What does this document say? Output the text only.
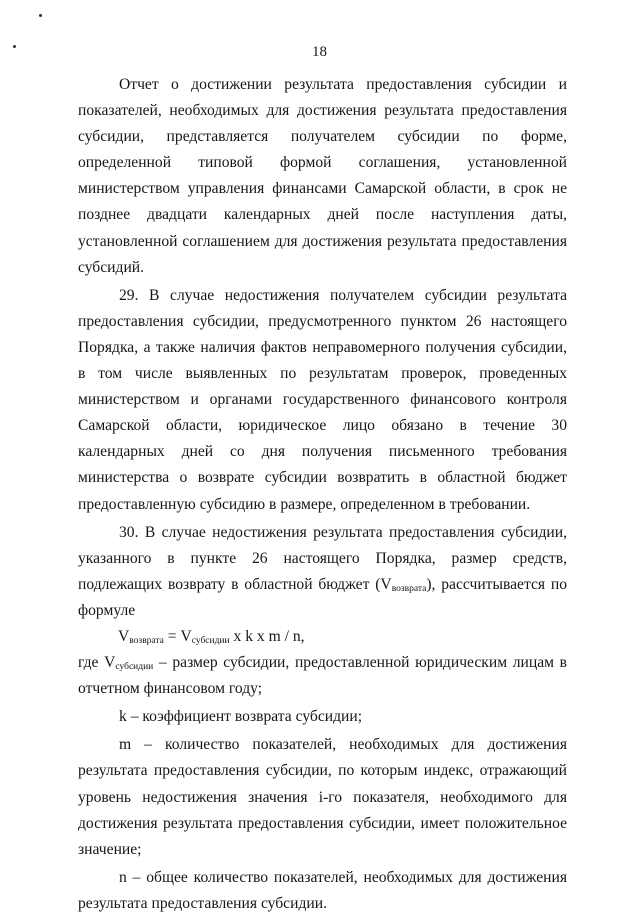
18

Отчет о достижении результата предоставления субсидии и показателей, необходимых для достижения результата предоставления субсидии, представляется получателем субсидии по форме, определенной типовой формой соглашения, установленной министерством управления финансами Самарской области, в срок не позднее двадцати календарных дней после наступления даты, установленной соглашением для достижения результата предоставления субсидий.

29. В случае недостижения получателем субсидии результата предоставления субсидии, предусмотренного пунктом 26 настоящего Порядка, а также наличия фактов неправомерного получения субсидии, в том числе выявленных по результатам проверок, проведенных министерством и органами государственного финансового контроля Самарской области, юридическое лицо обязано в течение 30 календарных дней со дня получения письменного требования министерства о возврате субсидии возвратить в областной бюджет предоставленную субсидию в размере, определенном в требовании.

30. В случае недостижения результата предоставления субсидии, указанного в пункте 26 настоящего Порядка, размер средств, подлежащих возврату в областной бюджет $(V_{возврата})$, рассчитывается по формуле

$V_{возврата} = V_{субсидии}$ x k x m / n,

где $V_{субсидии}$ – размер субсидии, предоставленной юридическим лицам в отчетном финансовом году;

k – коэффициент возврата субсидии;

m – количество показателей, необходимых для достижения результата предоставления субсидии, по которым индекс, отражающий уровень недостижения значения i-го показателя, необходимого для достижения результата предоставления субсидии, имеет положительное значение;

n – общее количество показателей, необходимых для достижения результата предоставления субсидии.
